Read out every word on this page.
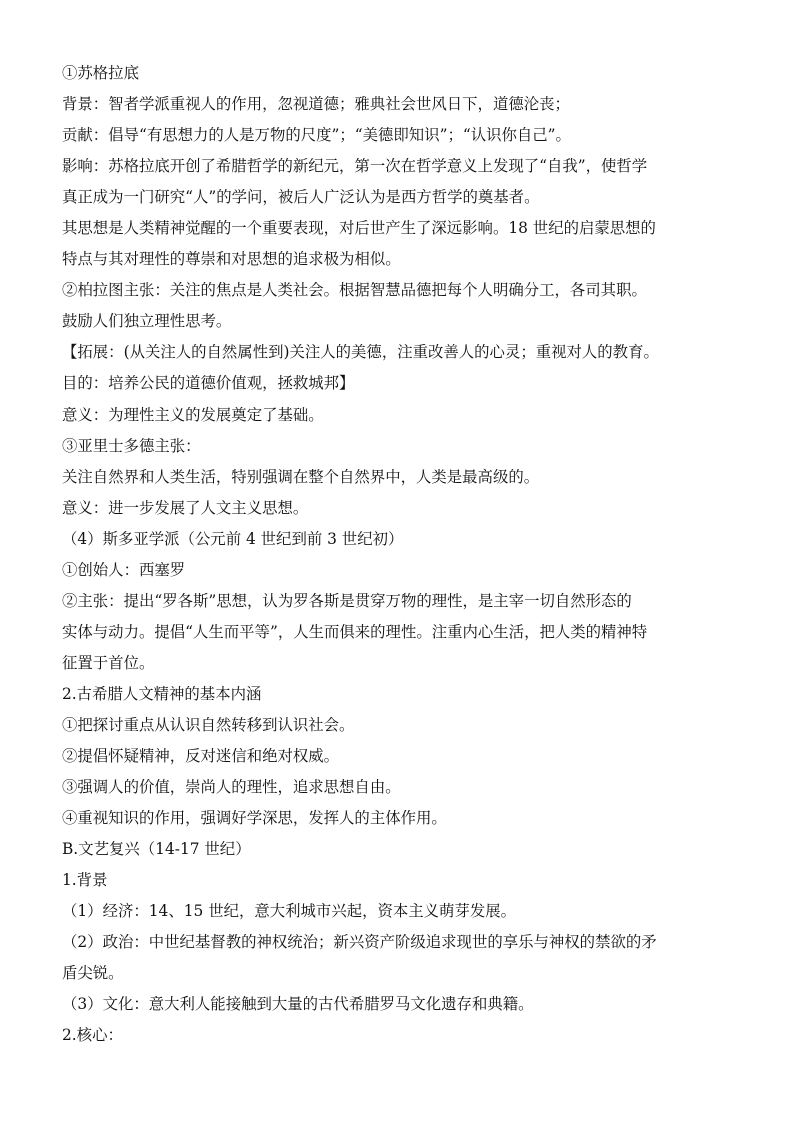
①苏格拉底
背景：智者学派重视人的作用，忽视道德；雅典社会世风日下，道德沦丧；
贡献：倡导“有思想力的人是万物的尺度”；“美德即知识”；“认识你自己”。
影响：苏格拉底开创了希腊哲学的新纪元，第一次在哲学意义上发现了“自我”，使哲学
真正成为一门研究“人”的学问，被后人广泛认为是西方哲学的奠基者。
其思想是人类精神觉醒的一个重要表现，对后世产生了深远影响。18 世纪的启蒙思想的
特点与其对理性的尊崇和对思想的追求极为相似。
②柏拉图主张：关注的焦点是人类社会。根据智慧品德把每个人明确分工，各司其职。
鼓励人们独立理性思考。
【拓展：(从关注人的自然属性到)关注人的美德，注重改善人的心灵；重视对人的教育。
目的：培养公民的道德价值观，拯救城邦】
意义：为理性主义的发展奠定了基础。
③亚里士多德主张：
关注自然界和人类生活，特别强调在整个自然界中，人类是最高级的。
意义：进一步发展了人文主义思想。
（4）斯多亚学派（公元前 4 世纪到前 3 世纪初）
①创始人：西塞罗
②主张：提出“罗各斯”思想，认为罗各斯是贯穿万物的理性，是主宰一切自然形态的
实体与动力。提倡“人生而平等”，人生而俱来的理性。注重内心生活，把人类的精神特
征置于首位。
2.古希腊人文精神的基本内涵
①把探讨重点从认识自然转移到认识社会。
②提倡怀疑精神，反对迷信和绝对权威。
③强调人的价值，崇尚人的理性，追求思想自由。
④重视知识的作用，强调好学深思，发挥人的主体作用。
B.文艺复兴（14-17 世纪）
1.背景
（1）经济：14、15 世纪，意大利城市兴起，资本主义萌芽发展。
（2）政治：中世纪基督教的神权统治；新兴资产阶级追求现世的享乐与神权的禁欲的矛
盾尖锐。
（3）文化：意大利人能接触到大量的古代希腊罗马文化遗存和典籍。
2.核心：
